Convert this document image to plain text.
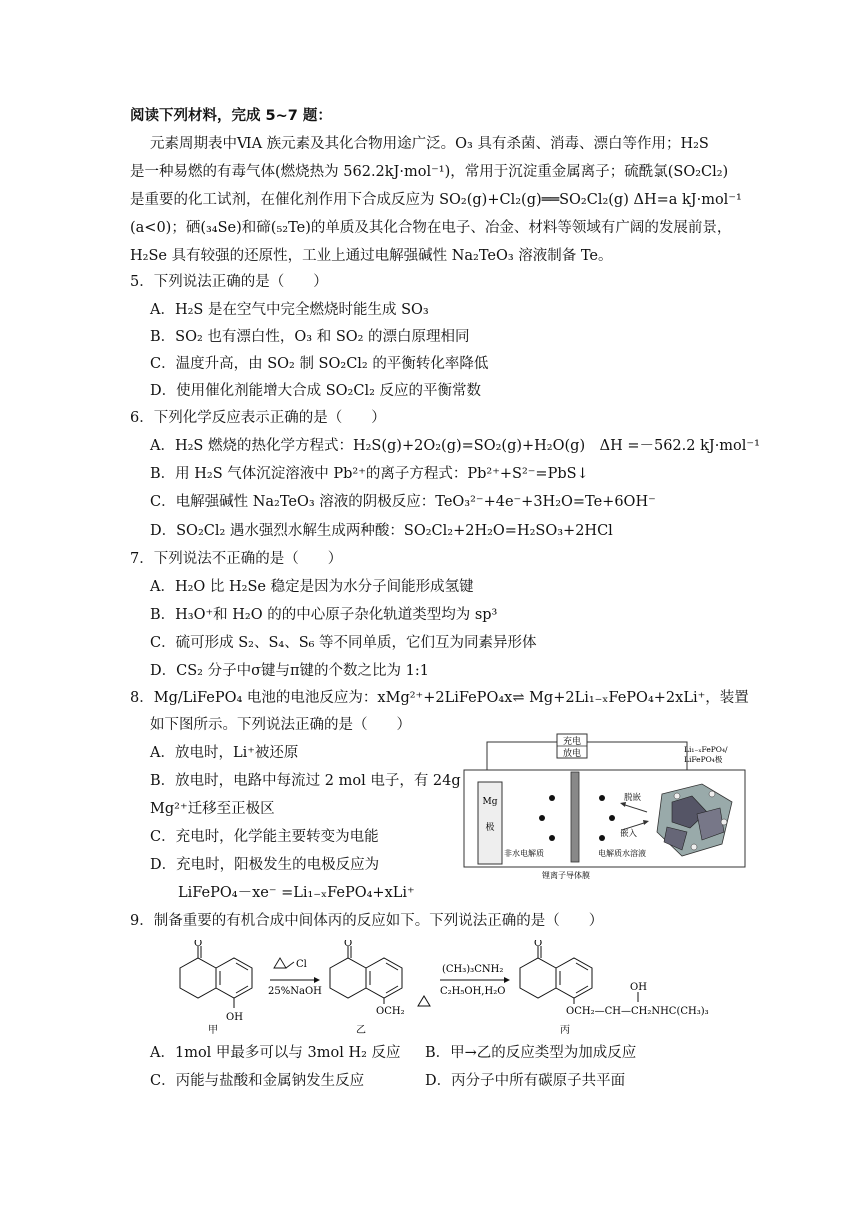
阅读下列材料，完成 5~7 题：
元素周期表中ⅥA 族元素及其化合物用途广泛。O₃ 具有杀菌、消毒、漂白等作用；H₂S
是一种易燃的有毒气体(燃烧热为 562.2kJ·mol⁻¹)，常用于沉淀重金属离子；硫酰氯(SO₂Cl₂)
是重要的化工试剂，在催化剂作用下合成反应为 SO₂(g)+Cl₂(g)══SO₂Cl₂(g) ΔH=a kJ·mol⁻¹
(a<0)；硒(₃₄Se)和碲(₅₂Te)的单质及其化合物在电子、冶金、材料等领域有广阔的发展前景，
H₂Se 具有较强的还原性，工业上通过电解强碱性 Na₂TeO₃ 溶液制备 Te。
5．下列说法正确的是（　　）
A．H₂S 是在空气中完全燃烧时能生成 SO₃
B．SO₂ 也有漂白性，O₃ 和 SO₂ 的漂白原理相同
C．温度升高，由 SO₂ 制 SO₂Cl₂ 的平衡转化率降低
D．使用催化剂能增大合成 SO₂Cl₂ 反应的平衡常数
6．下列化学反应表示正确的是（　　）
A．H₂S 燃烧的热化学方程式：H₂S(g)+2O₂(g)=SO₂(g)+H₂O(g)　ΔH =－562.2 kJ·mol⁻¹
B．用 H₂S 气体沉淀溶液中 Pb²⁺的离子方程式：Pb²⁺+S²⁻=PbS↓
C．电解强碱性 Na₂TeO₃ 溶液的阴极反应：TeO₃²⁻+4e⁻+3H₂O=Te+6OH⁻
D．SO₂Cl₂ 遇水强烈水解生成两种酸：SO₂Cl₂+2H₂O=H₂SO₃+2HCl
7．下列说法不正确的是（　　）
A．H₂O 比 H₂Se 稳定是因为水分子间能形成氢键
B．H₃O⁺和 H₂O 的的中心原子杂化轨道类型均为 sp³
C．硫可形成 S₂、S₄、S₆ 等不同单质，它们互为同素异形体
D．CS₂ 分子中σ键与π键的个数之比为 1:1
8．Mg/LiFePO₄ 电池的电池反应为：xMg²⁺+2LiFePO₄x⇌ Mg+2Li₁₋ₓFePO₄+2xLi⁺，装置
如下图所示。下列说法正确的是（　　）
A．放电时，Li⁺被还原
B．放电时，电路中每流过 2 mol 电子，有 24g
Mg²⁺迁移至正极区
C．充电时，化学能主要转变为电能
D．充电时，阳极发生的电极反应为
LiFePO₄－xe⁻ =Li₁₋ₓFePO₄+xLi⁺
充电
放电
Mg
极
Li₁₋ₓFePO₄/
LiFePO₄极
脱嵌
嵌入
非水电解质	电解质水溶液
锂离子导体膜
9．制备重要的有机合成中间体丙的反应如下。下列说法正确的是（　　）
O
OH
甲
Cl
25%NaOH
O
OCH₂
乙
(CH₃)₃CNH₂
C₂H₅OH,H₂O
O
OH
OCH₂—CH—CH₂NHC(CH₃)₃
丙
A．1mol 甲最多可以与 3mol H₂ 反应 B．甲→乙的反应类型为加成反应
C．丙能与盐酸和金属钠发生反应	D．丙分子中所有碳原子共平面
